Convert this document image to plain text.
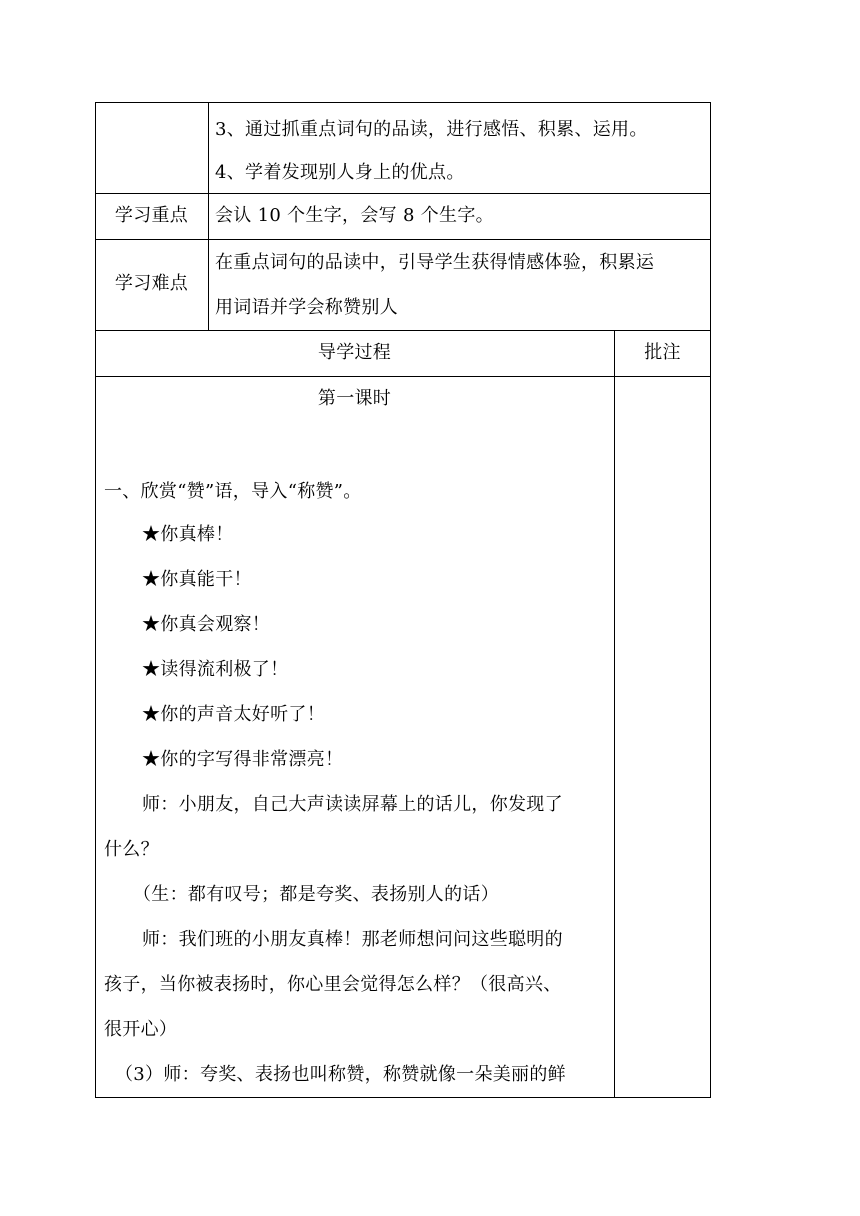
3、通过抓重点词句的品读，进行感悟、积累、运用。
4、学着发现别人身上的优点。
学习重点	会认 10 个生字，会写 8 个生字。
学习难点
在重点词句的品读中，引导学生获得情感体验，积累运
用词语并学会称赞别人
导学过程	批注
第一课时
一、欣赏“赞”语，导入“称赞”。
★你真棒！
★你真能干！
★你真会观察！
★读得流利极了！
★你的声音太好听了！
★你的字写得非常漂亮！
师：小朋友，自己大声读读屏幕上的话儿，你发现了
什么？
（生：都有叹号；都是夸奖、表扬别人的话）
师：我们班的小朋友真棒！那老师想问问这些聪明的
孩子，当你被表扬时，你心里会觉得怎么样？（很高兴、
很开心）
（3）师：夸奖、表扬也叫称赞，称赞就像一朵美丽的鲜
